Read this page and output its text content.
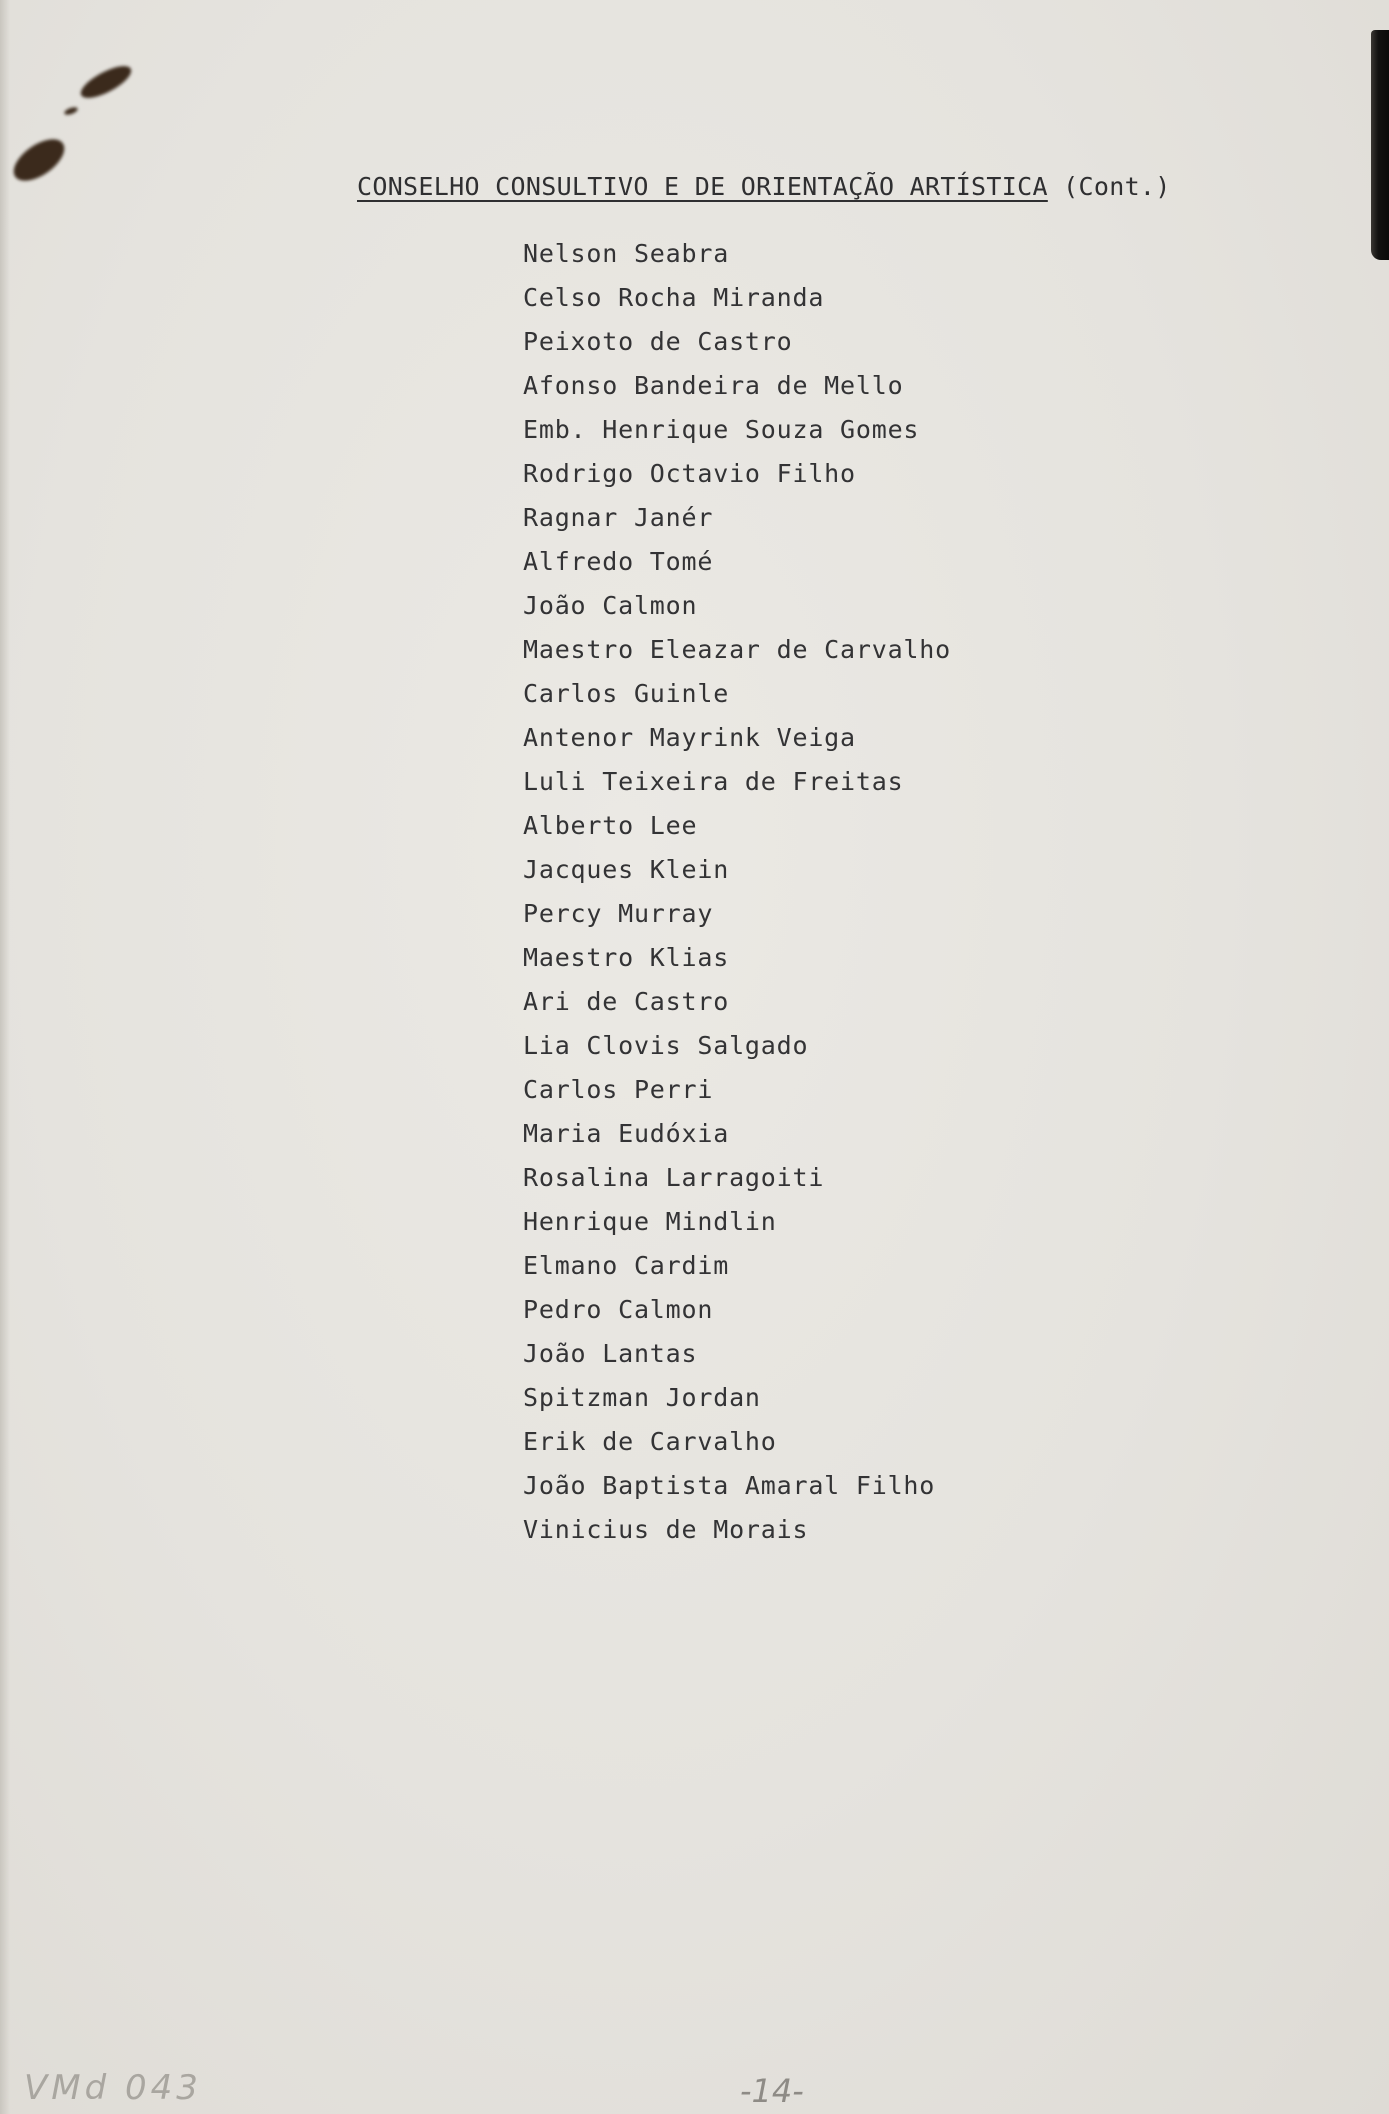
CONSELHO CONSULTIVO E DE ORIENTAÇÃO ARTÍSTICA (Cont.)
Nelson Seabra
Celso Rocha Miranda
Peixoto de Castro
Afonso Bandeira de Mello
Emb. Henrique Souza Gomes
Rodrigo Octavio Filho
Ragnar Janér
Alfredo Tomé
João Calmon
Maestro Eleazar de Carvalho
Carlos Guinle
Antenor Mayrink Veiga
Luli Teixeira de Freitas
Alberto Lee
Jacques Klein
Percy Murray
Maestro Klias
Ari de Castro
Lia Clovis Salgado
Carlos Perri
Maria Eudóxia
Rosalina Larragoiti
Henrique Mindlin
Elmano Cardim
Pedro Calmon
João Lantas
Spitzman Jordan
Erik de Carvalho
João Baptista Amaral Filho
Vinicius de Morais
VMd 043	-14-
